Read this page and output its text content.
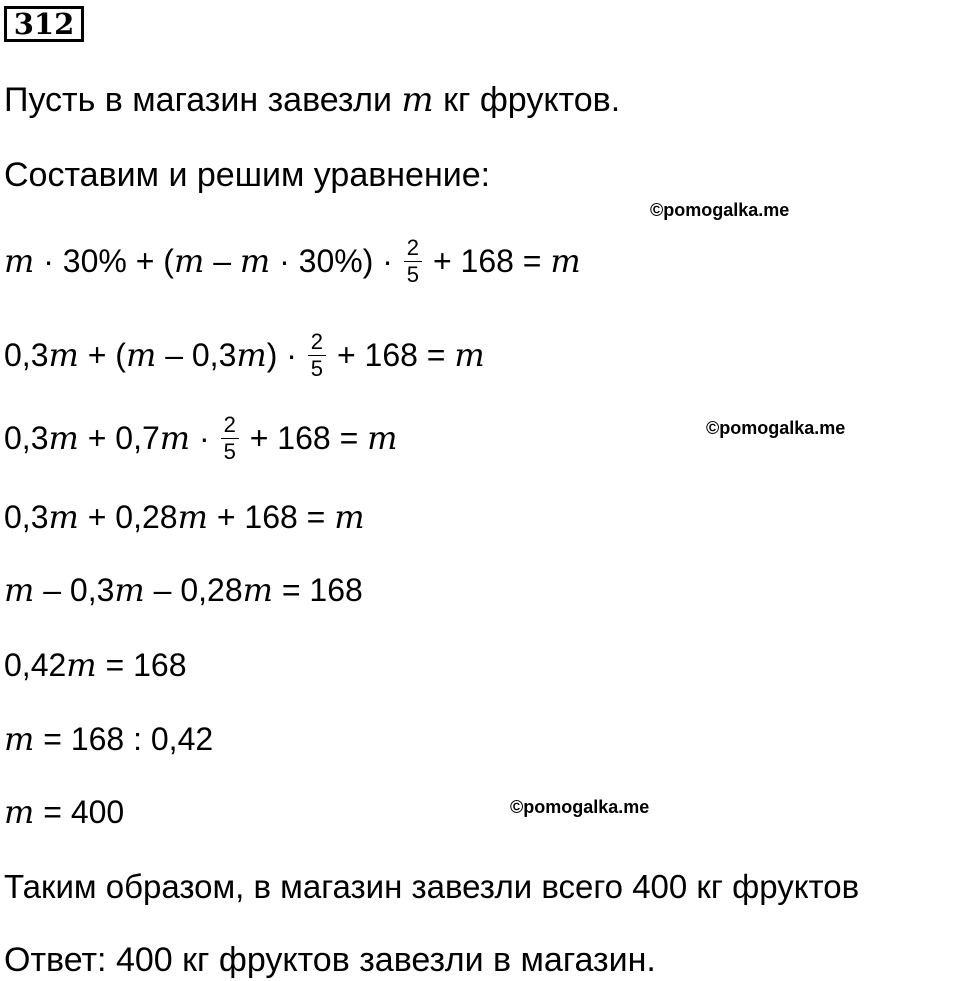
312
Пусть в магазин завезли m кг фруктов.
Составим и решим уравнение:
©pomogalka.me
$m \cdot 30\% + (m - m \cdot 30\%) \cdot \frac{2}{5} + 168 = m$
$0,3m + (m - 0,3m) \cdot \frac{2}{5} + 168 = m$
©pomogalka.me
$0,3m + 0,7m \cdot \frac{2}{5} + 168 = m$
0,3m + 0,28m + 168 = m
m – 0,3m – 0,28m = 168
0,42m = 168
m = 168 : 0,42
m = 400	©pomogalka.me
Таким образом, в магазин завезли всего 400 кг фруктов
Ответ: 400 кг фруктов завезли в магазин.
